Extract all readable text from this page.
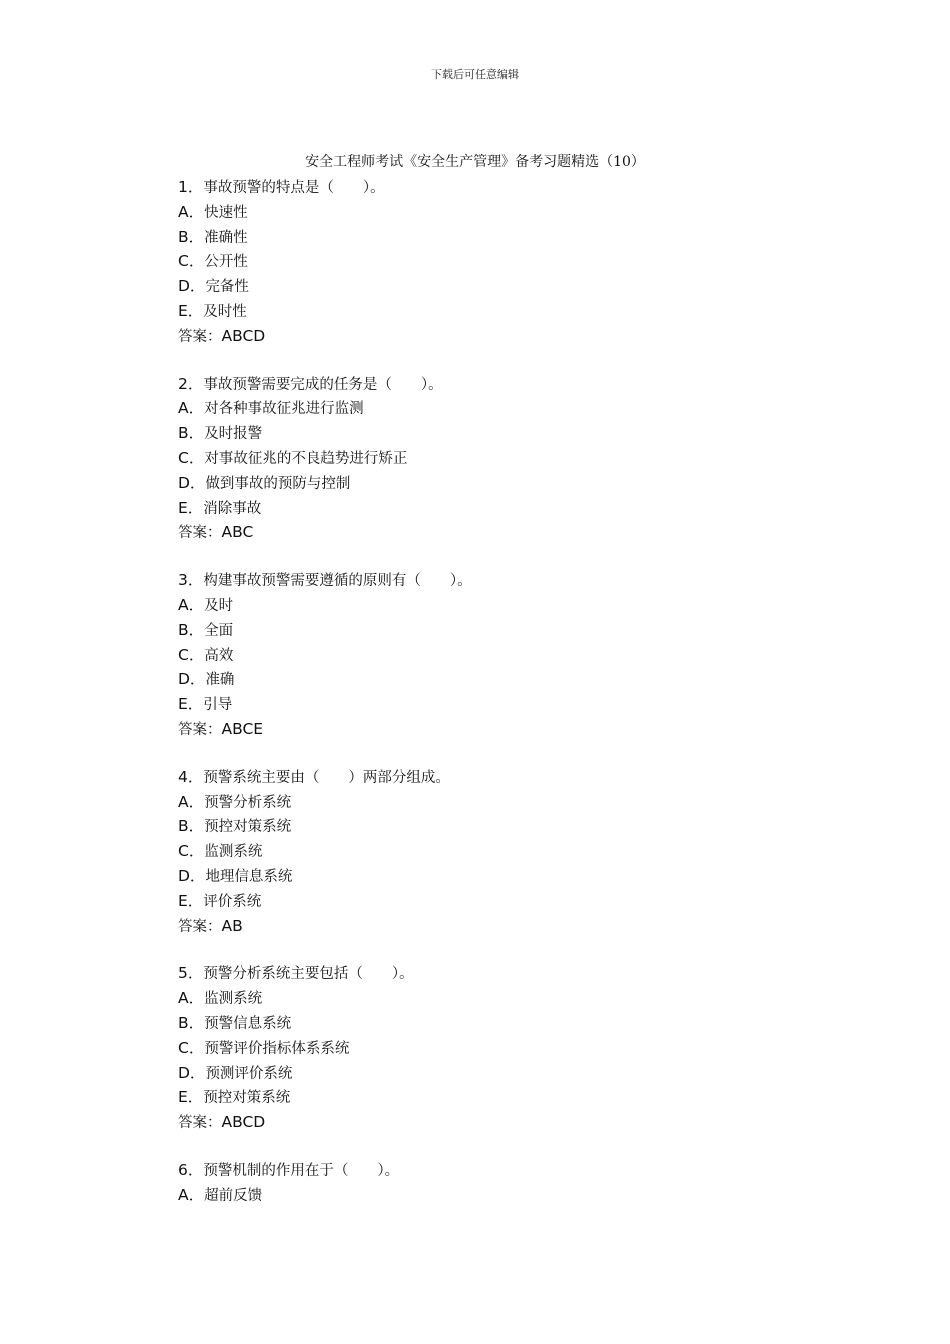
下载后可任意编辑
安全工程师考试《安全生产管理》备考习题精选（10）
1．事故预警的特点是（　　）。
A．快速性
B．准确性
C．公开性
D．完备性
E．及时性
答案：ABCD
2．事故预警需要完成的任务是（　　）。
A．对各种事故征兆进行监测
B．及时报警
C．对事故征兆的不良趋势进行矫正
D．做到事故的预防与控制
E．消除事故
答案：ABC
3．构建事故预警需要遵循的原则有（　　）。
A．及时
B．全面
C．高效
D．准确
E．引导
答案：ABCE
4．预警系统主要由（　　）两部分组成。
A．预警分析系统
B．预控对策系统
C．监测系统
D．地理信息系统
E．评价系统
答案：AB
5．预警分析系统主要包括（　　）。
A．监测系统
B．预警信息系统
C．预警评价指标体系系统
D．预测评价系统
E．预控对策系统
答案：ABCD
6．预警机制的作用在于（　　）。
A．超前反馈
